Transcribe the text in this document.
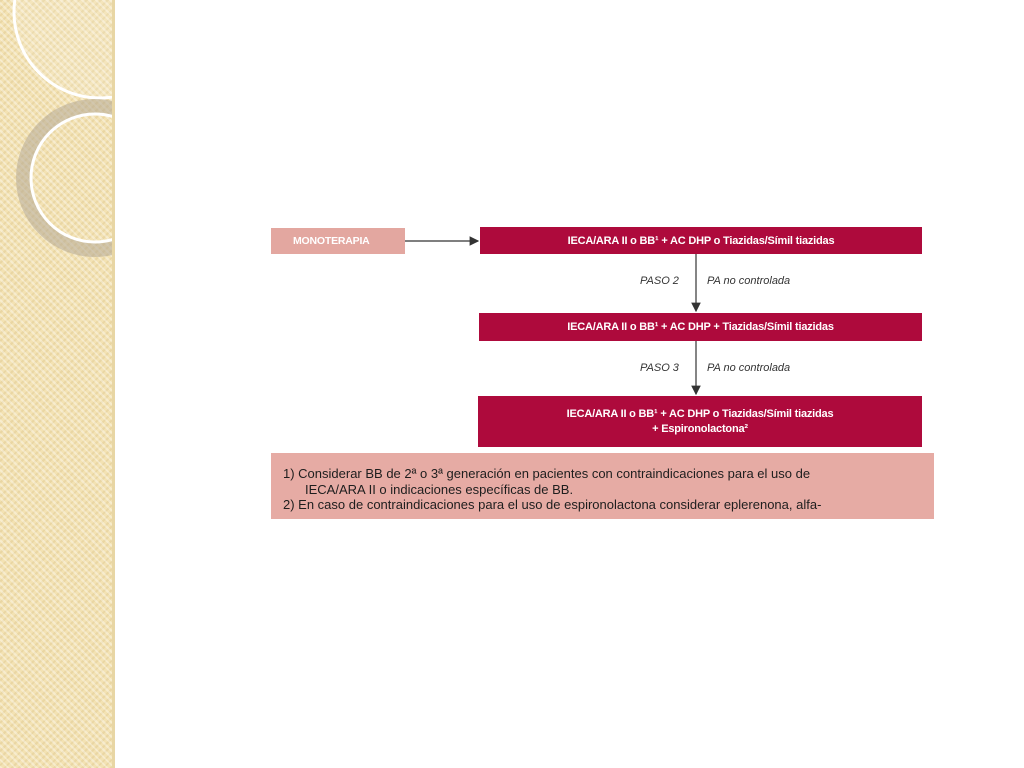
MONOTERAPIA	IECA/ARA II o BB¹ + AC DHP o Tiazidas/Símil tiazidas
PASO 2	PA no controlada
IECA/ARA II o BB¹ + AC DHP + Tiazidas/Símil tiazidas
PASO 3	PA no controlada
IECA/ARA II o BB¹ + AC DHP o Tiazidas/Símil tiazidas
+ Espironolactona²
1) Considerar BB de 2ª o 3ª generación en pacientes con contraindicaciones para el uso de
IECA/ARA II o indicaciones específicas de BB.
2) En caso de contraindicaciones para el uso de espironolactona considerar eplerenona, alfa-
